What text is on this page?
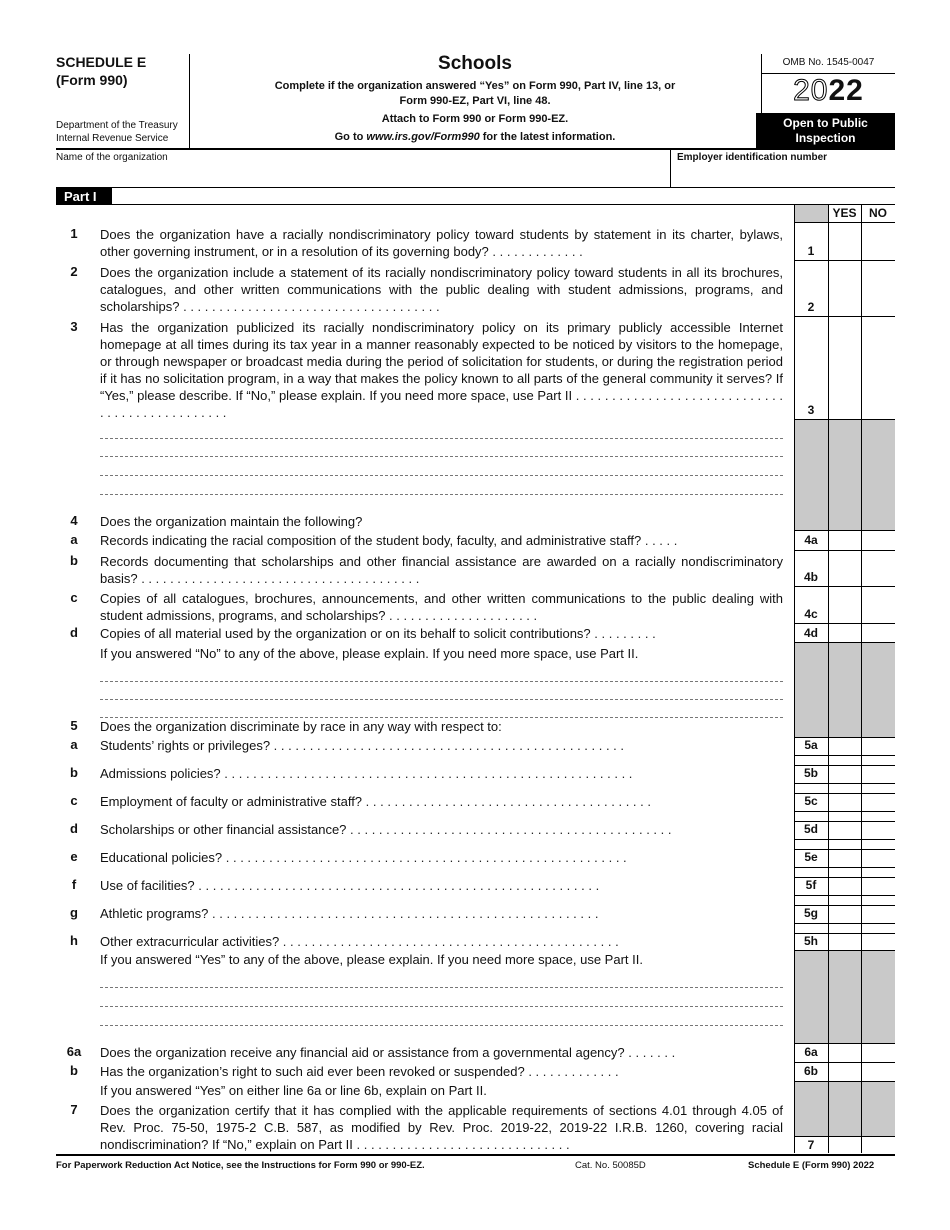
SCHEDULE E
(Form 990)
Department of the Treasury
Internal Revenue Service
Schools
Complete if the organization answered “Yes” on Form 990, Part IV, line 13, or
Form 990-EZ, Part VI, line 48.
Attach to Form 990 or Form 990-EZ.
Go to www.irs.gov/Form990 for the latest information.
OMB No. 1545-0047
2022
Open to Public
Inspection
Name of the organization	Employer identification number
Part I
YES	NO
1	Does the organization have a racially nondiscriminatory policy toward students by statement in its charter, bylaws, other governing instrument, or in a resolution of its governing body? . . . . . . . . . . . . .	1
2	Does the organization include a statement of its racially nondiscriminatory policy toward students in all its brochures, catalogues, and other written communications with the public dealing with student admissions, programs, and scholarships? . . . . . . . . . . . . . . . . . . . . . . . . . . . . . . . . . . . .	2
3	Has the organization publicized its racially nondiscriminatory policy on its primary publicly accessible Internet homepage at all times during its tax year in a manner reasonably expected to be noticed by visitors to the homepage, or through newspaper or broadcast media during the period of solicitation for students, or during the registration period if it has no solicitation program, in a way that makes the policy known to all parts of the general community it serves? If “Yes,” please describe. If “No,” please explain. If you need more space, use Part II . . . . . . . . . . . . . . . . . . . . . . . . . . . . . . . . . . . . . . . . . . . . . . .	3
4	Does the organization maintain the following?
a	Records indicating the racial composition of the student body, faculty, and administrative staff? . . . . .	4a
b	Records documenting that scholarships and other financial assistance are awarded on a racially nondiscriminatory basis? . . . . . . . . . . . . . . . . . . . . . . . . . . . . . . . . . . . . . . .	4b
c	Copies of all catalogues, brochures, announcements, and other written communications to the public dealing with student admissions, programs, and scholarships? . . . . . . . . . . . . . . . . . . . . .	4c
d	Copies of all material used by the organization or on its behalf to solicit contributions? . . . . . . . . .	4d
If you answered “No” to any of the above, please explain. If you need more space, use Part II.
5	Does the organization discriminate by race in any way with respect to:
a	Students’ rights or privileges? . . . . . . . . . . . . . . . . . . . . . . . . . . . . . . . . . . . . . . . . . . . . . . . . .	5a
b	Admissions policies? . . . . . . . . . . . . . . . . . . . . . . . . . . . . . . . . . . . . . . . . . . . . . . . . . . . . . . . . .	5b
c	Employment of faculty or administrative staff? . . . . . . . . . . . . . . . . . . . . . . . . . . . . . . . . . . . . . . . .	5c
d	Scholarships or other financial assistance? . . . . . . . . . . . . . . . . . . . . . . . . . . . . . . . . . . . . . . . . . . . . .	5d
e	Educational policies? . . . . . . . . . . . . . . . . . . . . . . . . . . . . . . . . . . . . . . . . . . . . . . . . . . . . . . . .	5e
f	Use of facilities? . . . . . . . . . . . . . . . . . . . . . . . . . . . . . . . . . . . . . . . . . . . . . . . . . . . . . . . .	5f
g	Athletic programs? . . . . . . . . . . . . . . . . . . . . . . . . . . . . . . . . . . . . . . . . . . . . . . . . . . . . . .	5g
h	Other extracurricular activities? . . . . . . . . . . . . . . . . . . . . . . . . . . . . . . . . . . . . . . . . . . . . . . .	5h
If you answered “Yes” to any of the above, please explain. If you need more space, use Part II.
6a	Does the organization receive any financial aid or assistance from a governmental agency? . . . . . . .	6a
b	Has the organization’s right to such aid ever been revoked or suspended? . . . . . . . . . . . . .	6b
If you answered “Yes” on either line 6a or line 6b, explain on Part II.
7	Does the organization certify that it has complied with the applicable requirements of sections 4.01 through 4.05 of Rev. Proc. 75-50, 1975-2 C.B. 587, as modified by Rev. Proc. 2019-22, 2019-22 I.R.B. 1260, covering racial nondiscrimination? If “No,” explain on Part II . . . . . . . . . . . . . . . . . . . . . . . . . . . . . .	7
For Paperwork Reduction Act Notice, see the Instructions for Form 990 or 990-EZ.	Cat. No. 50085D	Schedule E (Form 990) 2022
